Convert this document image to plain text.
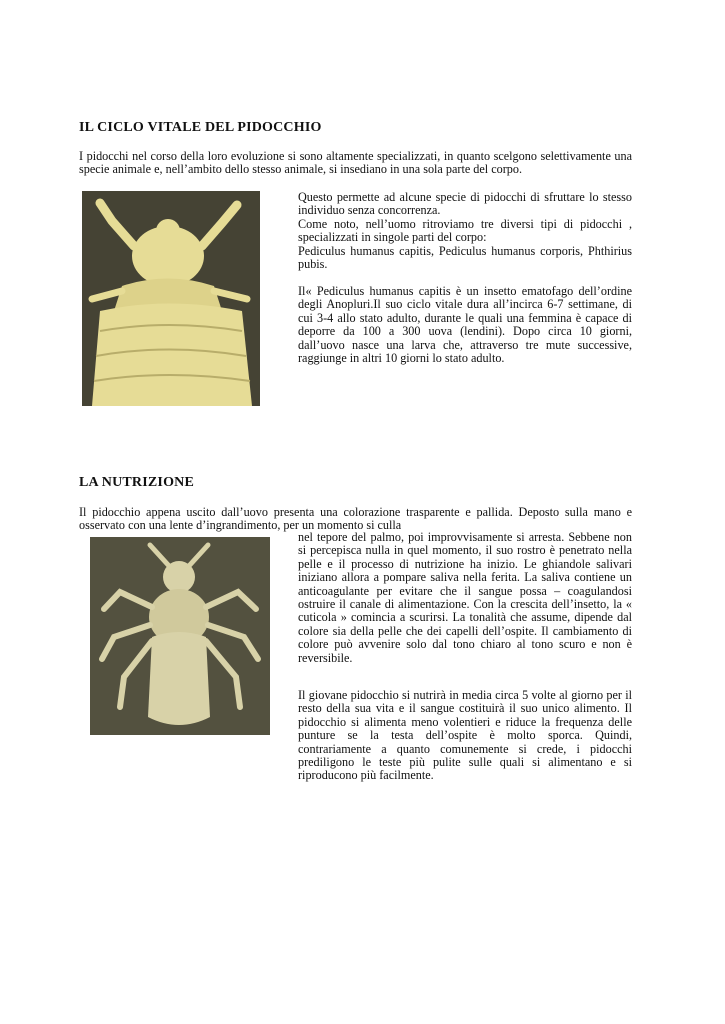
IL CICLO VITALE DEL PIDOCCHIO

I pidocchi nel corso della loro evoluzione si sono altamente specializzati, in quanto scelgono selettivamente una specie animale e, nell’ambito dello stesso animale, si insediano in una sola parte del corpo.

Questo permette ad alcune specie di pidocchi di sfruttare lo stesso individuo senza concorrenza.

Come noto, nell’uomo ritroviamo tre diversi tipi di pidocchi , specializzati in singole parti del corpo:

Pediculus humanus capitis, Pediculus humanus corporis, Phthirius pubis.

Il« Pediculus humanus capitis è un insetto ematofago dell’ordine degli Anopluri.Il suo ciclo vitale dura all’incirca 6-7 settimane, di cui 3-4 allo stato adulto, durante le quali una femmina è capace di deporre da 100 a 300 uova (lendini). Dopo circa 10 giorni, dall’uovo nasce una larva che, attraverso tre mute successive, raggiunge in altri 10 giorni lo stato adulto.

LA NUTRIZIONE

Il pidocchio appena uscito dall’uovo presenta una colorazione trasparente e pallida. Deposto sulla mano e osservato con una lente d’ingrandimento, per un momento si culla

nel tepore del palmo, poi improvvisamente si arresta. Sebbene non si percepisca nulla in quel momento, il suo rostro è penetrato nella pelle e il processo di nutrizione ha inizio. Le ghiandole salivari iniziano allora a pompare saliva nella ferita. La saliva contiene un anticoagulante per evitare che il sangue possa – coagulandosi ostruire il canale di alimentazione. Con la crescita dell’insetto, la « cuticola » comincia a scurirsi. La tonalità che assume, dipende dal colore sia della pelle che dei capelli dell’ospite. Il cambiamento di colore può avvenire solo dal tono chiaro al tono scuro e non è reversibile.

Il giovane pidocchio si nutrirà in media circa 5 volte al giorno per il resto della sua vita e il sangue costituirà il suo unico alimento. Il pidocchio si alimenta meno volentieri e riduce la frequenza delle punture se la testa dell’ospite è molto sporca. Quindi, contrariamente a quanto comunemente si crede, i pidocchi prediligono le teste più pulite sulle quali si alimentano e si riproducono più facilmente.
